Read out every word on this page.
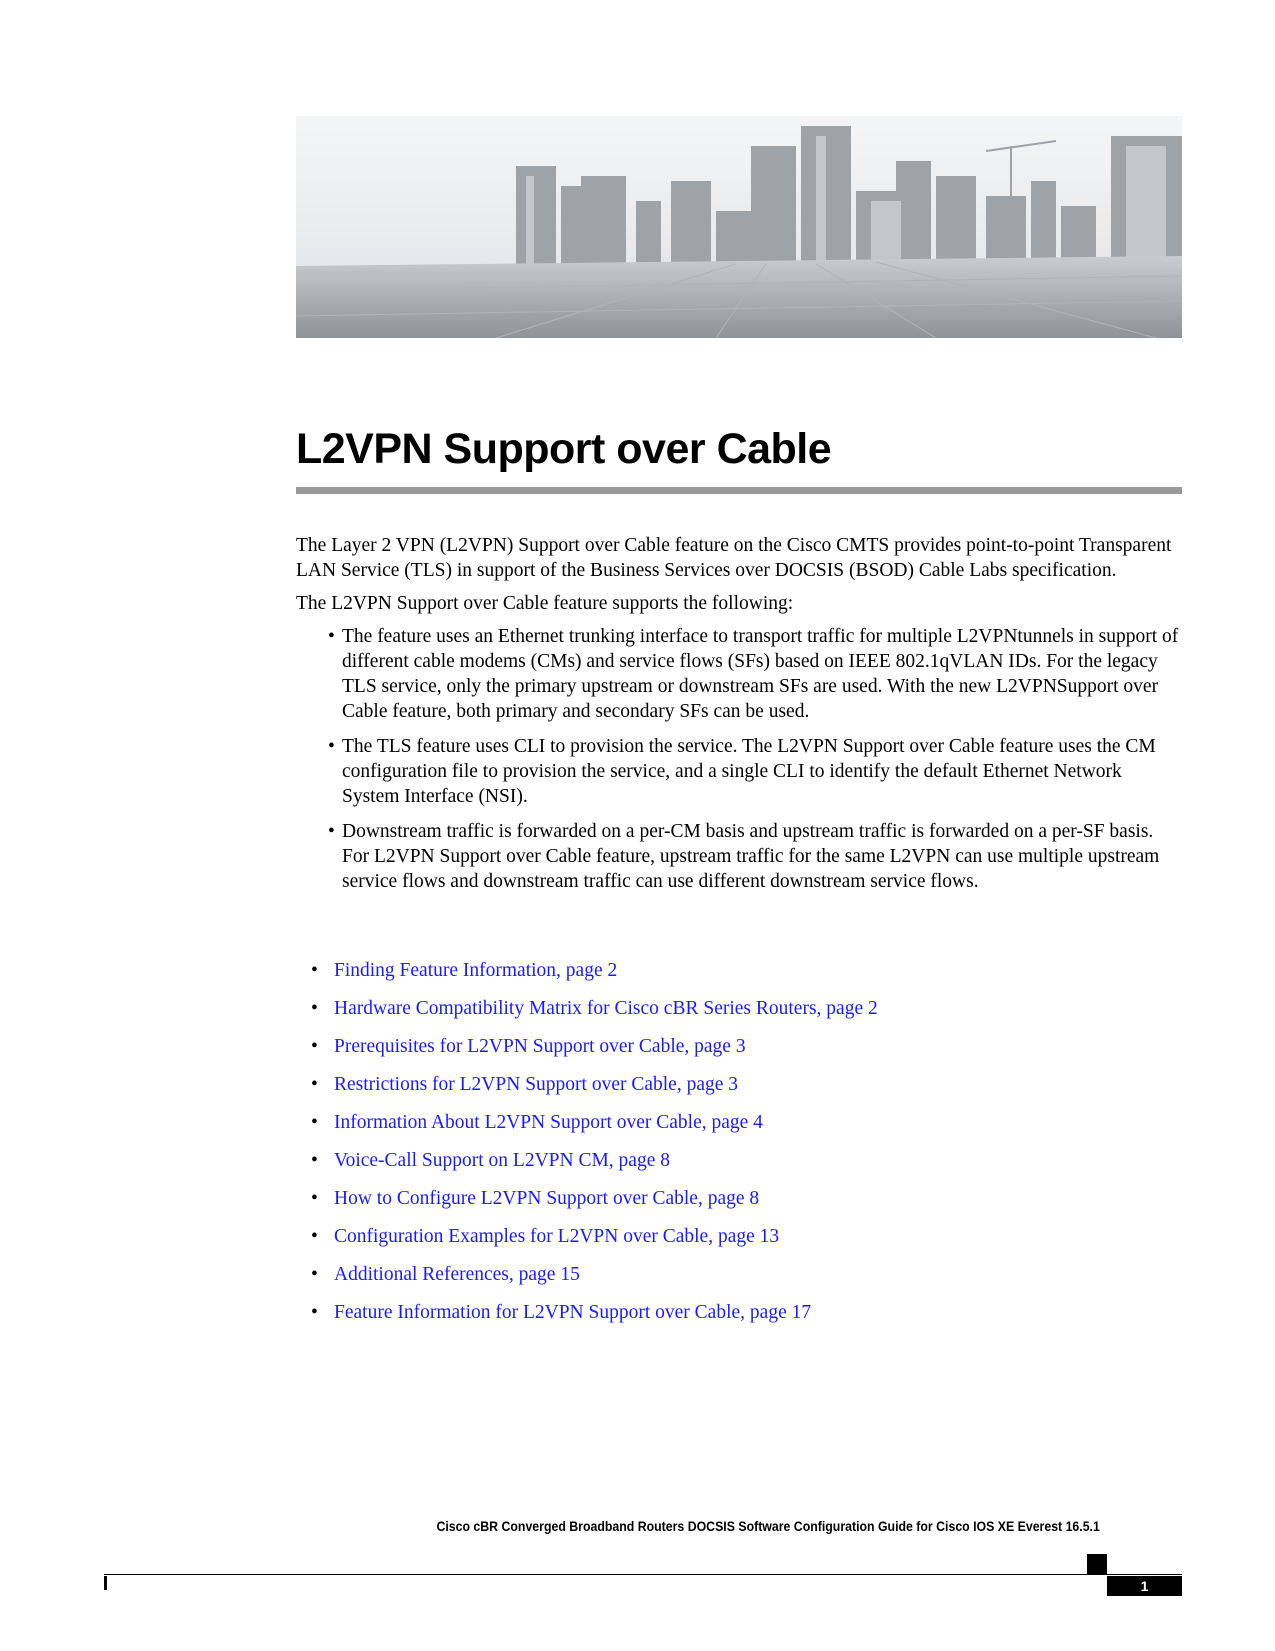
L2VPN Support over Cable

The Layer 2 VPN (L2VPN) Support over Cable feature on the Cisco CMTS provides point-to-point Transparent LAN Service (TLS) in support of the Business Services over DOCSIS (BSOD) Cable Labs specification.

The L2VPN Support over Cable feature supports the following:

• The feature uses an Ethernet trunking interface to transport traffic for multiple L2VPNtunnels in support of different cable modems (CMs) and service flows (SFs) based on IEEE 802.1qVLAN IDs. For the legacy TLS service, only the primary upstream or downstream SFs are used. With the new L2VPNSupport over Cable feature, both primary and secondary SFs can be used.
• The TLS feature uses CLI to provision the service. The L2VPN Support over Cable feature uses the CM configuration file to provision the service, and a single CLI to identify the default Ethernet Network System Interface (NSI).
• Downstream traffic is forwarded on a per-CM basis and upstream traffic is forwarded on a per-SF basis. For L2VPN Support over Cable feature, upstream traffic for the same L2VPN can use multiple upstream service flows and downstream traffic can use different downstream service flows.
• Finding Feature Information, page 2
• Hardware Compatibility Matrix for Cisco cBR Series Routers, page 2
• Prerequisites for L2VPN Support over Cable, page 3
• Restrictions for L2VPN Support over Cable, page 3
• Information About L2VPN Support over Cable, page 4
• Voice-Call Support on L2VPN CM, page 8
• How to Configure L2VPN Support over Cable, page 8
• Configuration Examples for L2VPN over Cable, page 13
• Additional References, page 15
• Feature Information for L2VPN Support over Cable, page 17
Cisco cBR Converged Broadband Routers DOCSIS Software Configuration Guide for Cisco IOS XE Everest 16.5.1
1
